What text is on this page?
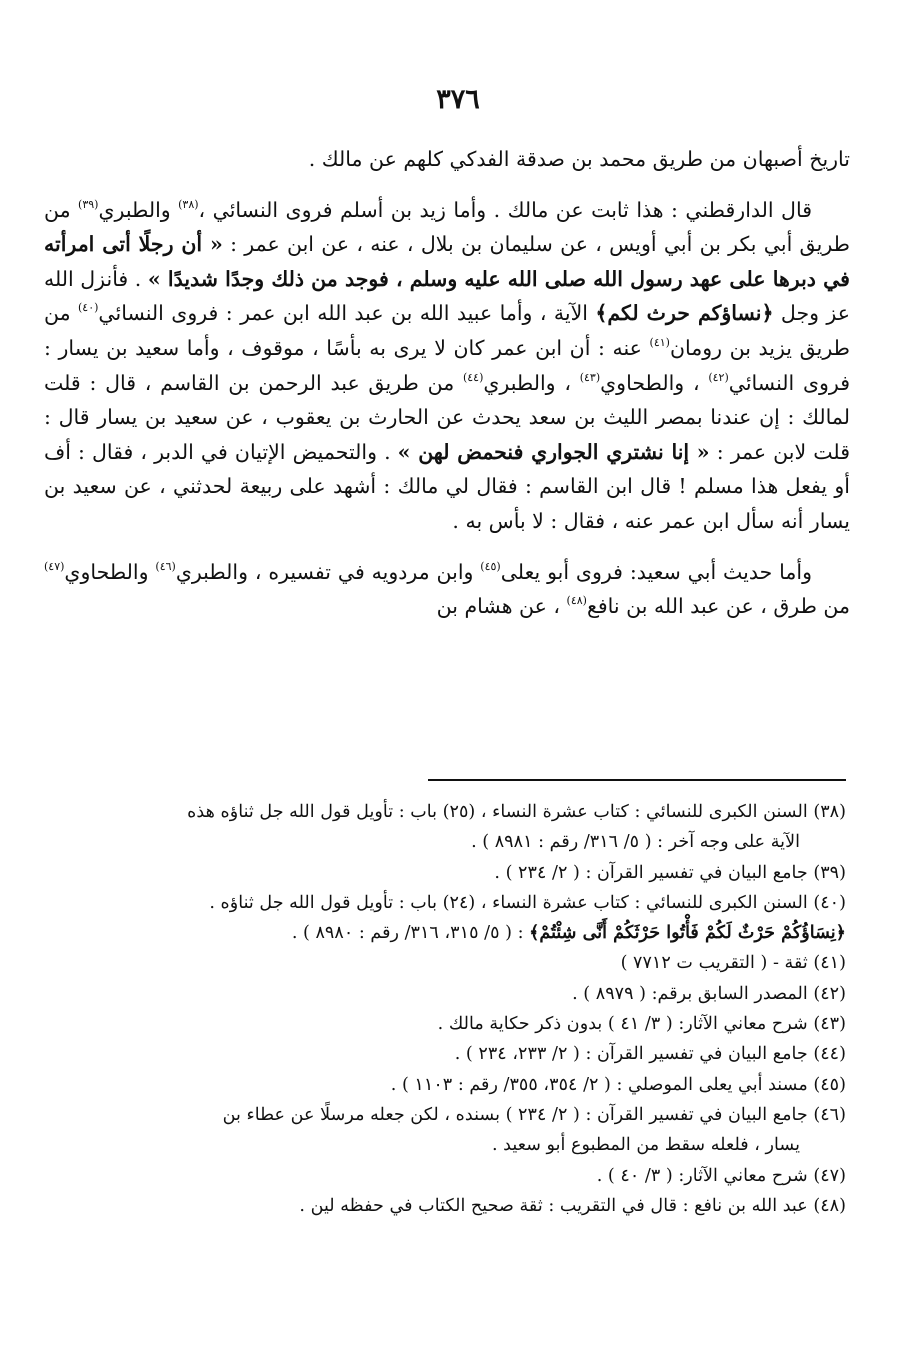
٣٧٦

تاريخ أصبهان من طريق محمد بن صدقة الفدكي كلهم عن مالك .

قال الدارقطني : هذا ثابت عن مالك . وأما زيد بن أسلم فروى النسائي ،$^{(٣٨)}$ والطبري$^{(٣٩)}$ من طريق أبي بكر بن أبي أويس ، عن سليمان بن بلال ، عنه ، عن ابن عمر : « أن رجلًا أتى امرأته في دبرها على عهد رسول الله صلى الله عليه وسلم ، فوجد من ذلك وجدًا شديدًا » . فأنزل الله عز وجل ﴿نساؤكم حرث لكم﴾ الآية ، وأما عبيد الله بن عبد الله ابن عمر : فروى النسائي$^{(٤٠)}$ من طريق يزيد بن رومان$^{(٤١)}$ عنه : أن ابن عمر كان لا يرى به بأسًا ، موقوف ، وأما سعيد بن يسار : فروى النسائي$^{(٤٢)}$ ، والطحاوي$^{(٤٣)}$ ، والطبري$^{(٤٤)}$ من طريق عبد الرحمن بن القاسم ، قال : قلت لمالك : إن عندنا بمصر الليث بن سعد يحدث عن الحارث بن يعقوب ، عن سعيد بن يسار قال : قلت لابن عمر : « إنا نشتري الجواري فنحمض لهن » . والتحميض الإتيان في الدبر ، فقال : أف أو يفعل هذا مسلم ! قال ابن القاسم : فقال لي مالك : أشهد على ربيعة لحدثني ، عن سعيد بن يسار أنه سأل ابن عمر عنه ، فقال : لا بأس به .

وأما حديث أبي سعيد: فروى أبو يعلى$^{(٤٥)}$ وابن مردويه في تفسيره ، والطبري$^{(٤٦)}$ والطحاوي$^{(٤٧)}$ من طرق ، عن عبد الله بن نافع$^{(٤٨)}$ ، عن هشام بن

(٣٨) السنن الكبرى للنسائي : كتاب عشرة النساء ، (٢٥) باب : تأويل قول الله جل ثناؤه هذه
الآية على وجه آخر : ( ٥/ ٣١٦/ رقم : ٨٩٨١ ) .

(٣٩) جامع البيان في تفسير القرآن : ( ٢/ ٢٣٤ ) .

(٤٠) السنن الكبرى للنسائي : كتاب عشرة النساء ، (٢٤) باب : تأويل قول الله جل ثناؤه .
﴿نِسَاؤُكُمْ حَرْثٌ لَكُمْ فَأْتُوا حَرْثَكُمْ أَنَّى شِئْتُمْ﴾ : ( ٥/ ٣١٥، ٣١٦/ رقم : ٨٩٨٠ ) .

(٤١) ثقة - ( التقريب ت ٧٧١٢ )

(٤٢) المصدر السابق برقم: ( ٨٩٧٩ ) .

(٤٣) شرح معاني الآثار: ( ٣/ ٤١ ) بدون ذكر حكاية مالك .

(٤٤) جامع البيان في تفسير القرآن : ( ٢/ ٢٣٣، ٢٣٤ ) .

(٤٥) مسند أبي يعلى الموصلي : ( ٢/ ٣٥٤، ٣٥٥/ رقم : ١١٠٣ ) .

(٤٦) جامع البيان في تفسير القرآن : ( ٢/ ٢٣٤ ) بسنده ، لكن جعله مرسلًا عن عطاء بن
يسار ، فلعله سقط من المطبوع أبو سعيد .

(٤٧) شرح معاني الآثار: ( ٣/ ٤٠ ) .

(٤٨) عبد الله بن نافع : قال في التقريب : ثقة صحيح الكتاب في حفظه لين .
